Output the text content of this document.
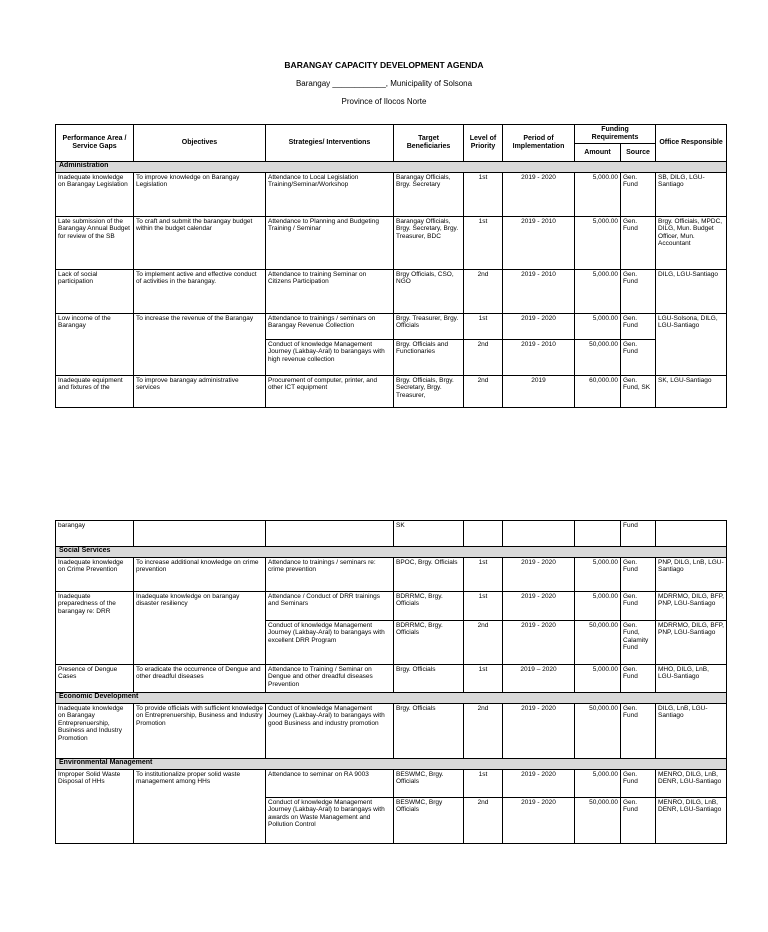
BARANGAY CAPACITY DEVELOPMENT AGENDA
Barangay ____________, Municipality of Solsona
Province of Ilocos Norte
Performance Area / Service Gaps	Objectives	Strategies/ Interventions	Target Beneficiaries	Level of Priority	Period of Implementation	Funding Requirements		Office Responsible
						Amount	Source	
Administration								
Inadequate knowledge on Barangay Legislation	To improve knowledge on Barangay Legislation	Attendance to Local Legislation Training/Seminar/Workshop	Barangay Officials, Brgy. Secretary	1st	2019 - 2020	5,000.00	Gen. Fund	SB, DILG, LGU-Santiago
Late submission of the Barangay Annual Budget for review of the SB	To craft and submit the barangay budget within the budget calendar	Attendance to Planning and Budgeting Training / Seminar	Barangay Officials, Brgy. Secretary, Brgy. Treasurer, BDC	1st	2019 - 2010	5,000.00	Gen. Fund	Brgy. Officials, MPDC, DILG, Mun. Budget Officer, Mun. Accountant
Lack of social participation	To implement active and effective conduct of activities in the barangay.	Attendance to training Seminar on Citizens Participation	Brgy Officials, CSO, NGO	2nd	2019 - 2010	5,000.00	Gen. Fund	DILG, LGU-Santiago
Low income of the Barangay	To increase the revenue of the Barangay	Attendance to trainings / seminars on Barangay Revenue Collection	Brgy. Treasurer, Brgy. Officials	1st	2019 - 2020	5,000.00	Gen. Fund	LGU-Solsona, DILG, LGU-Santiago
		Conduct of knowledge Management Journey (Lakbay-Aral) to barangays with high revenue collection	Brgy. Officials and Functionaries	2nd	2019 - 2010	50,000.00	Gen. Fund	
Inadequate equipment and fixtures of the	To improve barangay administrative services	Procurement of computer, printer, and other ICT equipment	Brgy. Officials, Brgy. Secretary, Brgy. Treasurer,	2nd	2019	60,000.00	Gen. Fund, SK	SK, LGU-Santiago
barangay			SK				Fund	
Social Services								
Inadequate knowledge on Crime Prevention	To increase additional knowledge on crime prevention	Attendance to trainings / seminars re: crime prevention	BPOC, Brgy. Officials	1st	2019 - 2020	5,000.00	Gen. Fund	PNP, DILG, LnB, LGU-Santiago
Inadequate preparedness of the barangay re: DRR	Inadequate knowledge on barangay disaster resiliency	Attendance / Conduct of DRR trainings and Seminars	BDRRMC, Brgy. Officials	1st	2019 - 2020	5,000.00	Gen. Fund	MDRRMO, DILG, BFP, PNP, LGU-Santiago
		Conduct of knowledge Management Journey (Lakbay-Aral) to barangays with excellent DRR Program	BDRRMC, Brgy. Officials	2nd	2019 - 2020	50,000.00	Gen. Fund, Calamity Fund	MDRRMO, DILG, BFP, PNP, LGU-Santiago
Presence of Dengue Cases	To eradicate the occurrence of Dengue and other dreadful diseases	Attendance to Training / Seminar on Dengue and other dreadful diseases Prevention	Brgy. Officials	1st	2019 – 2020	5,000.00	Gen. Fund	MHO, DILG, LnB, LGU-Santiago
Economic Development								
Inadequate knowledge on Barangay Entreprenuership, Business and Industry Promotion	To provide officials with sufficient knowledge on Entreprenuership, Business and Industry Promotion	Conduct of knowledge Management Journey (Lakbay-Aral) to barangays with good Business and industry promotion	Brgy. Officials	2nd	2019 - 2020	50,000.00	Gen. Fund	DILG, LnB, LGU-Santiago
Environmental Management								
Improper Solid Waste Disposal of HHs	To institutionalize proper solid waste management among HHs	Attendance to seminar on RA 9003	BESWMC, Brgy. Officials	1st	2019 - 2020	5,000.00	Gen. Fund	MENRO, DILG, LnB, DENR, LGU-Santiago
		Conduct of knowledge Management Journey (Lakbay-Aral) to barangays with awards on Waste Management and Pollution Control	BESWMC, Brgy Officials	2nd	2019 - 2020	50,000.00	Gen. Fund	MENRO, DILG, LnB, DENR, LGU-Santiago
